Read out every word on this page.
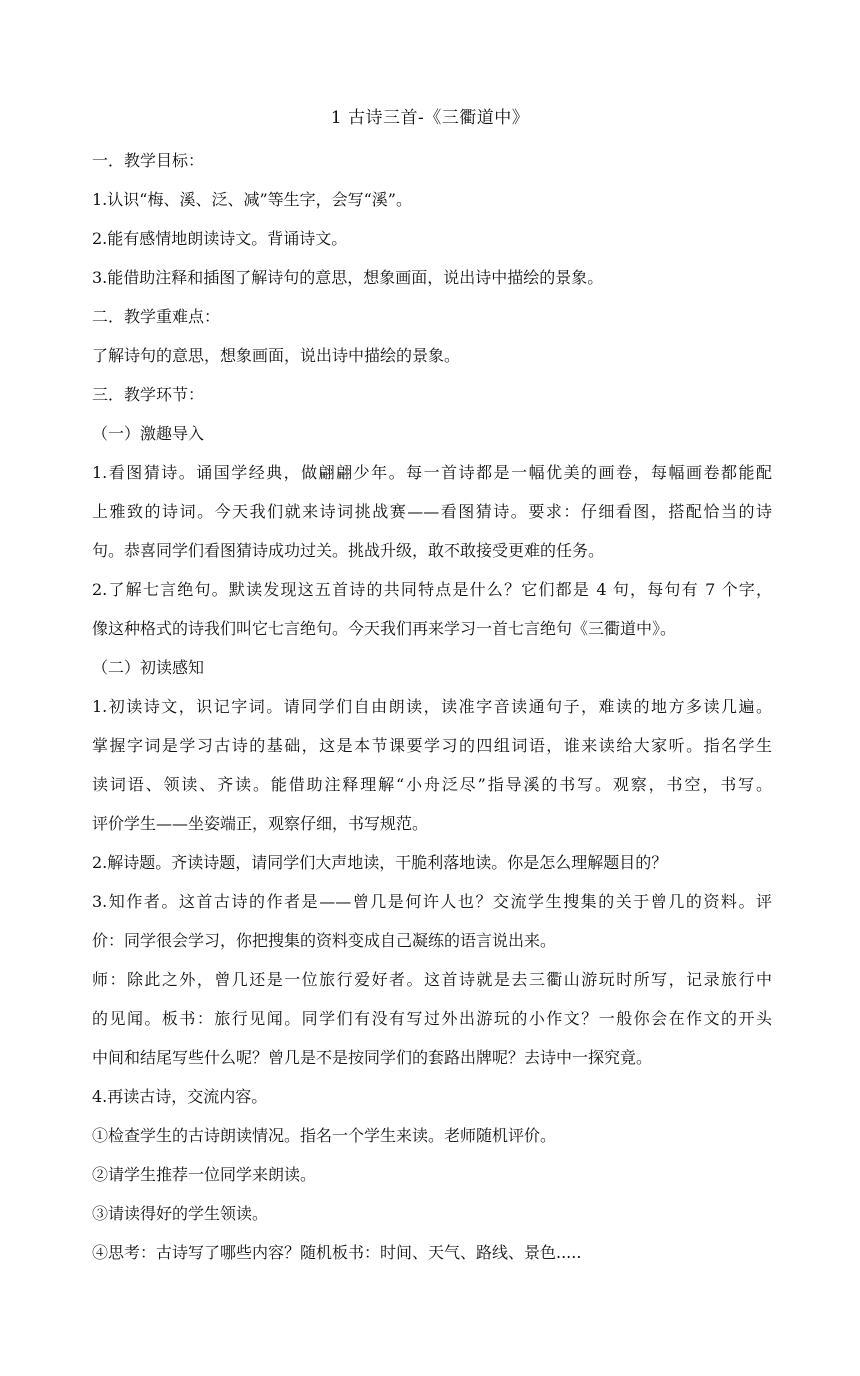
1 古诗三首-《三衢道中》
一．教学目标：
1.认识“梅、溪、泛、减”等生字，会写“溪”。
2.能有感情地朗读诗文。背诵诗文。
3.能借助注释和插图了解诗句的意思，想象画面，说出诗中描绘的景象。
二．教学重难点：
了解诗句的意思，想象画面，说出诗中描绘的景象。
三．教学环节：
（一）激趣导入
1.看图猜诗。诵国学经典，做翩翩少年。每一首诗都是一幅优美的画卷，每幅画卷都能配
上雅致的诗词。今天我们就来诗词挑战赛——看图猜诗。要求：仔细看图，搭配恰当的诗
句。恭喜同学们看图猜诗成功过关。挑战升级，敢不敢接受更难的任务。
2.了解七言绝句。默读发现这五首诗的共同特点是什么？它们都是 4 句，每句有 7 个字，
像这种格式的诗我们叫它七言绝句。今天我们再来学习一首七言绝句《三衢道中》。
（二）初读感知
1.初读诗文，识记字词。请同学们自由朗读，读准字音读通句子，难读的地方多读几遍。
掌握字词是学习古诗的基础，这是本节课要学习的四组词语，谁来读给大家听。指名学生
读词语、领读、齐读。能借助注释理解“小舟泛尽”指导溪的书写。观察，书空，书写。
评价学生——坐姿端正，观察仔细，书写规范。
2.解诗题。齐读诗题，请同学们大声地读，干脆利落地读。你是怎么理解题目的？
3.知作者。这首古诗的作者是——曾几是何许人也？交流学生搜集的关于曾几的资料。评
价：同学很会学习，你把搜集的资料变成自己凝练的语言说出来。
师：除此之外，曾几还是一位旅行爱好者。这首诗就是去三衢山游玩时所写，记录旅行中
的见闻。板书：旅行见闻。同学们有没有写过外出游玩的小作文？一般你会在作文的开头
中间和结尾写些什么呢？曾几是不是按同学们的套路出牌呢？去诗中一探究竟。
4.再读古诗，交流内容。
①检查学生的古诗朗读情况。指名一个学生来读。老师随机评价。
②请学生推荐一位同学来朗读。
③请读得好的学生领读。
④思考：古诗写了哪些内容？随机板书：时间、天气、路线、景色.....
